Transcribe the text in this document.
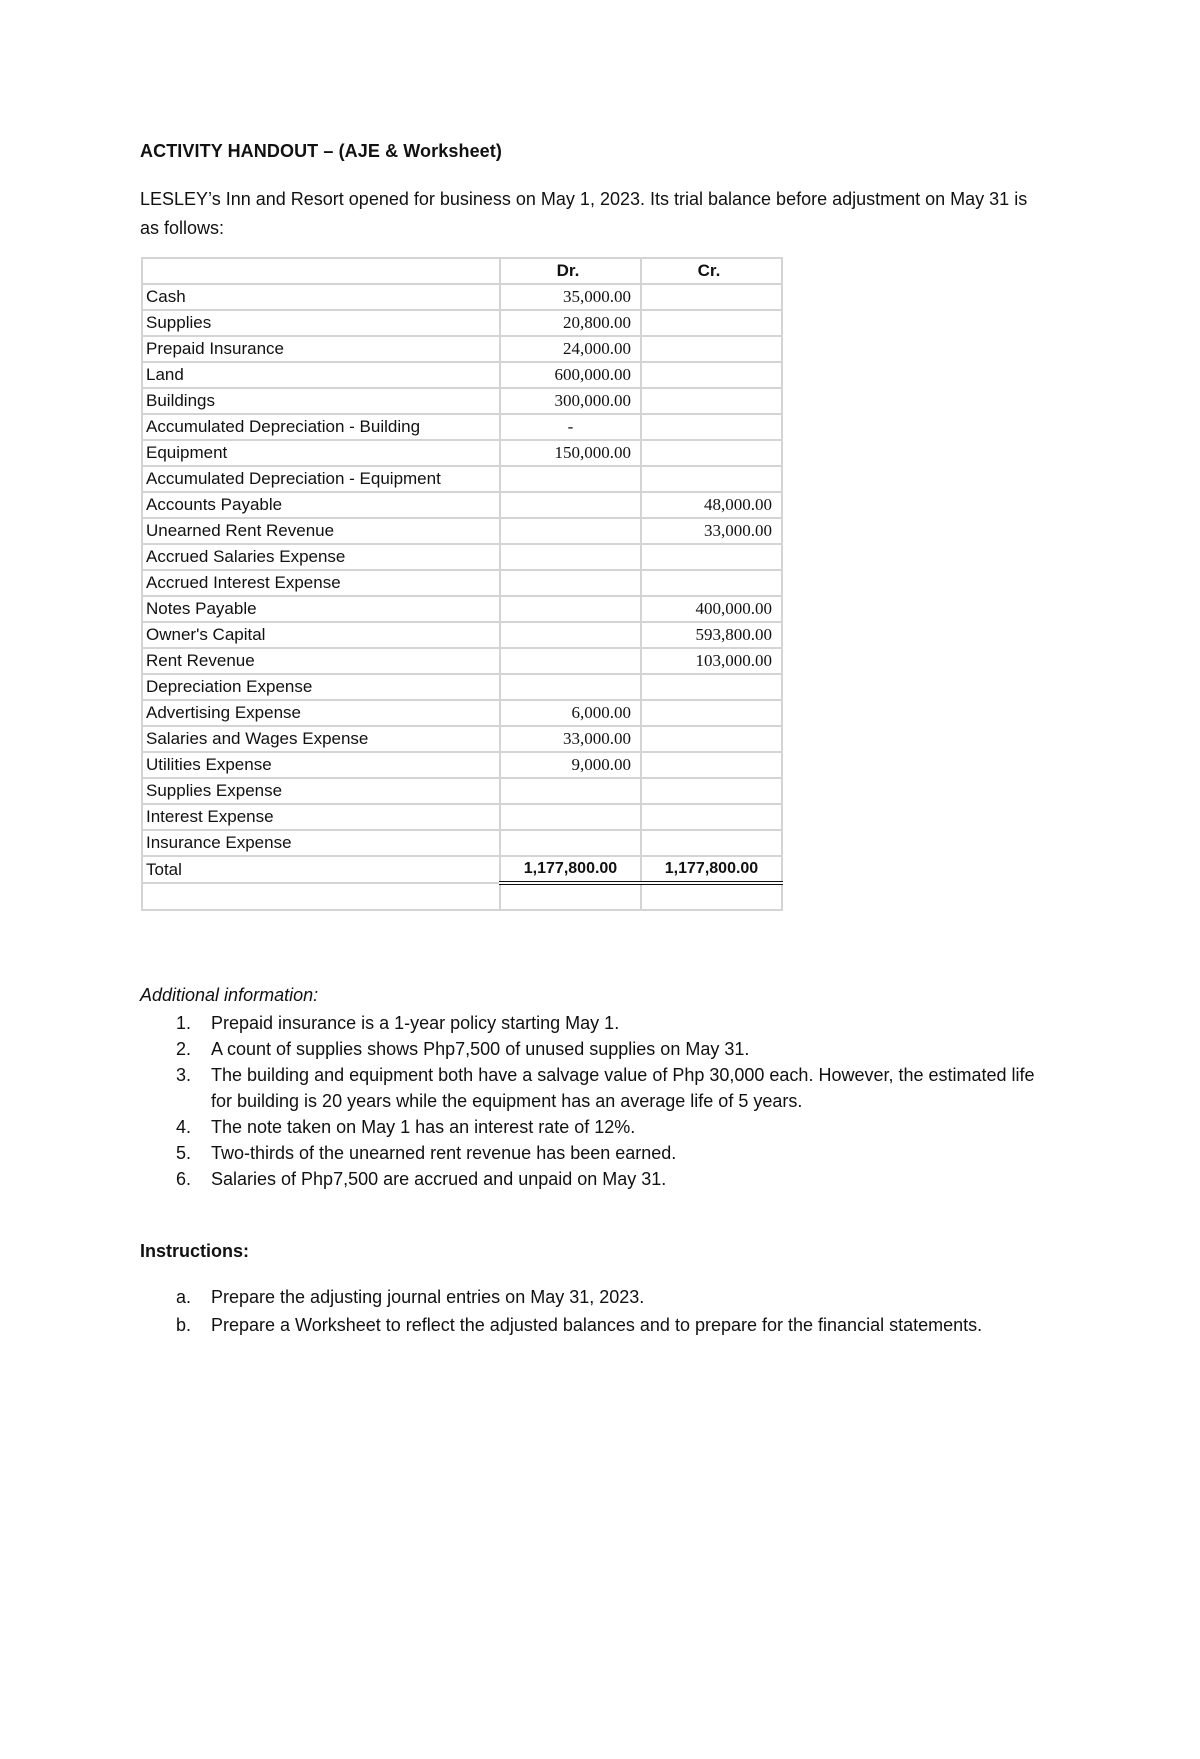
ACTIVITY HANDOUT – (AJE & Worksheet)
LESLEY’s Inn and Resort opened for business on May 1, 2023. Its trial balance before adjustment on May 31 is as follows:
	Dr.	Cr.
Cash	35,000.00	
Supplies	20,800.00	
Prepaid Insurance	24,000.00	
Land	600,000.00	
Buildings	300,000.00	
Accumulated Depreciation - Building	-	
Equipment	150,000.00	
Accumulated Depreciation - Equipment		
Accounts Payable		48,000.00
Unearned Rent Revenue		33,000.00
Accrued Salaries Expense		
Accrued Interest Expense		
Notes Payable		400,000.00
Owner's Capital		593,800.00
Rent Revenue		103,000.00
Depreciation Expense		
Advertising Expense	6,000.00	
Salaries and Wages Expense	33,000.00	
Utilities Expense	9,000.00	
Supplies Expense		
Interest Expense		
Insurance Expense		
Total	1,177,800.00	1,177,800.00

Additional information:
1. Prepaid insurance is a 1-year policy starting May 1.
2. A count of supplies shows Php7,500 of unused supplies on May 31.
3. The building and equipment both have a salvage value of Php 30,000 each. However, the estimated life for building is 20 years while the equipment has an average life of 5 years.
4. The note taken on May 1 has an interest rate of 12%.
5. Two-thirds of the unearned rent revenue has been earned.
6. Salaries of Php7,500 are accrued and unpaid on May 31.
Instructions:
a. Prepare the adjusting journal entries on May 31, 2023.
b. Prepare a Worksheet to reflect the adjusted balances and to prepare for the financial statements.
